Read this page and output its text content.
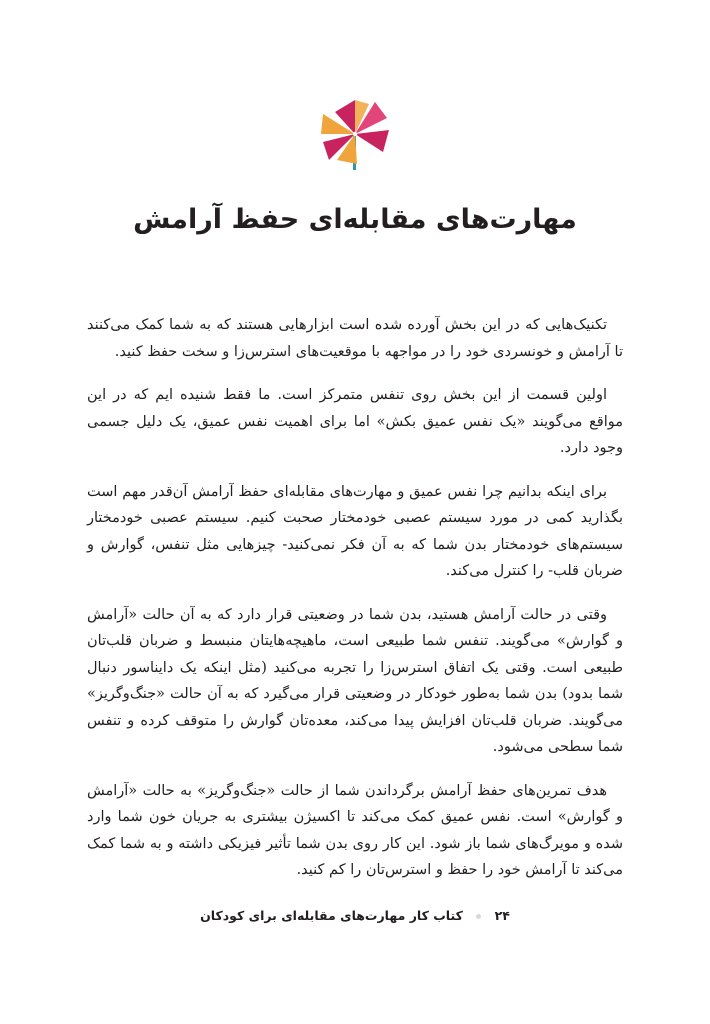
مهارت‌های مقابله‌ای حفظ آرامش

تکنیک‌هایی که در این بخش آورده شده است ابزارهایی هستند که به شما کمک می‌کنند تا آرامش و خونسردی خود را در مواجهه با موقعیت‌های استرس‌زا و سخت حفظ کنید.

اولین قسمت از این بخش روی تنفس متمرکز است. ما فقط شنیده ایم که در این مواقع می‌گویند «یک نفس عمیق بکش» اما برای اهمیت نفس عمیق، یک دلیل جسمی وجود دارد.

برای اینکه بدانیم چرا نفس عمیق و مهارت‌های مقابله‌ای حفظ آرامش آن‌قدر مهم است بگذارید کمی در مورد سیستم عصبی خودمختار صحبت کنیم. سیستم عصبی خودمختار سیستم‌های خودمختار بدن شما که به آن فکر نمی‌کنید- چیزهایی مثل تنفس، گوارش و ضربان قلب- را کنترل می‌کند.

وقتی در حالت آرامش هستید، بدن شما در وضعیتی قرار دارد که به آن حالت «آرامش و گوارش» می‌گویند. تنفس شما طبیعی است، ماهیچه‌هایتان منبسط و ضربان قلب‌تان طبیعی است. وقتی یک اتفاق استرس‌زا را تجربه می‌کنید (مثل اینکه یک دایناسور دنبال شما بدود) بدن شما به‌طور خودکار در وضعیتی قرار می‌گیرد که به آن حالت «جنگ‌وگریز» می‌گویند. ضربان قلب‌تان افزایش پیدا می‌کند، معده‌تان گوارش را متوقف کرده و تنفس شما سطحی می‌شود.

هدف تمرین‌های حفظ آرامش برگرداندن شما از حالت «جنگ‌وگریز» به حالت «آرامش و گوارش» است. نفس عمیق کمک می‌کند تا اکسیژن بیشتری به جریان خون شما وارد شده و مویرگ‌های شما باز شود. این کار روی بدن شما تأثیر فیزیکی داشته و به شما کمک می‌کند تا آرامش خود را حفظ و استرس‌تان را کم کنید.

۲۴  کتاب کار مهارت‌های مقابله‌ای برای کودکان
